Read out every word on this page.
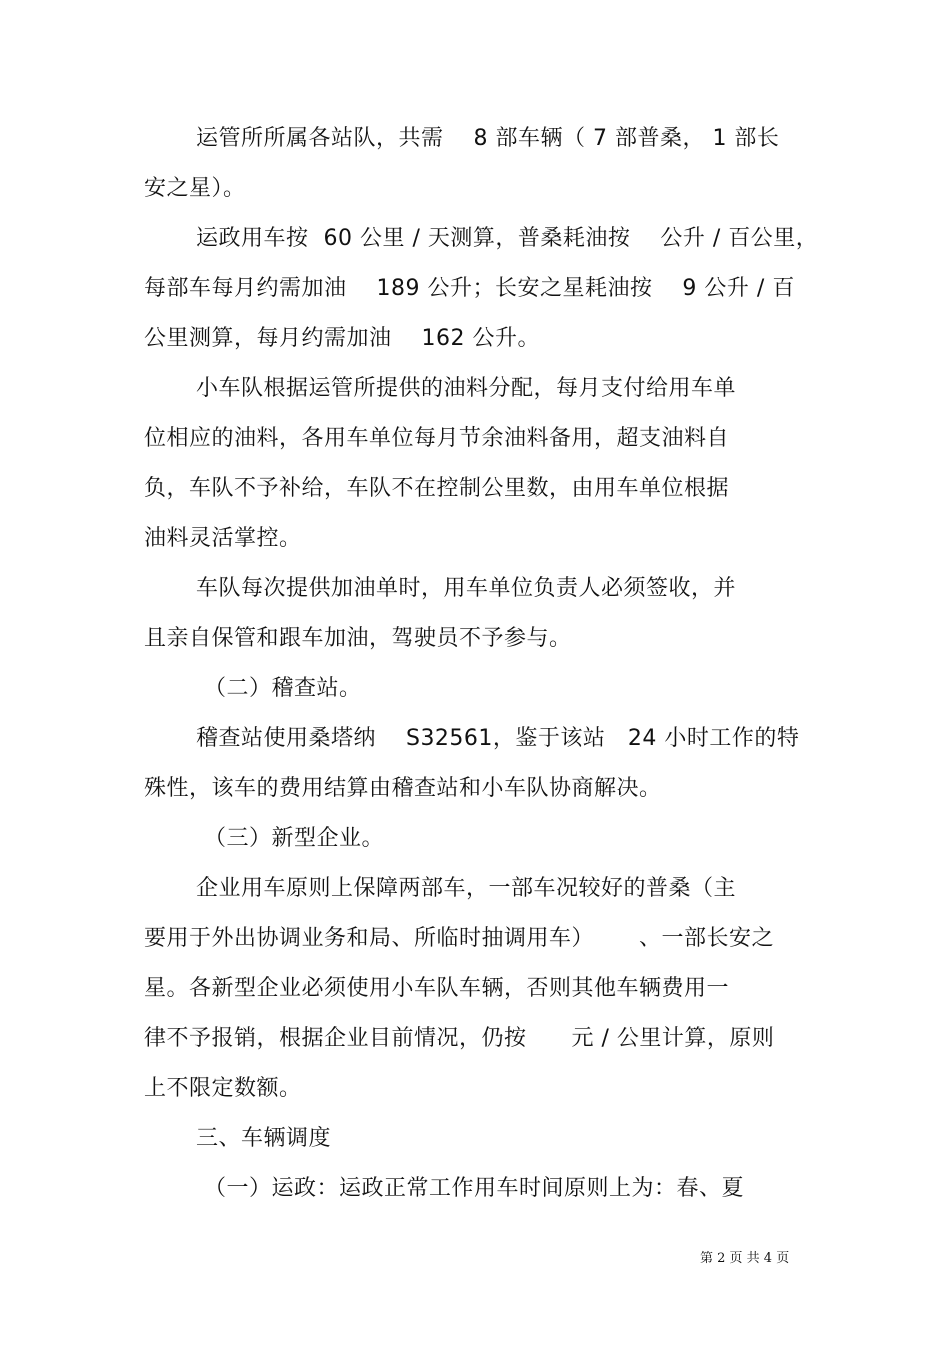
运管所所属各站队，共需    8 部车辆（ 7 部普桑， 1 部长
安之星）。
运政用车按  60 公里 / 天测算，普桑耗油按    公升 / 百公里，
每部车每月约需加油    189 公升；长安之星耗油按    9 公升 / 百
公里测算，每月约需加油    162 公升。
小车队根据运管所提供的油料分配，每月支付给用车单
位相应的油料，各用车单位每月节余油料备用，超支油料自
负，车队不予补给，车队不在控制公里数，由用车单位根据
油料灵活掌控。
车队每次提供加油单时，用车单位负责人必须签收，并
且亲自保管和跟车加油，驾驶员不予参与。
（二）稽查站。
稽查站使用桑塔纳    S32561，鉴于该站   24 小时工作的特
殊性，该车的费用结算由稽查站和小车队协商解决。
（三）新型企业。
企业用车原则上保障两部车，一部车况较好的普桑（主
要用于外出协调业务和局、所临时抽调用车）      、一部长安之
星。各新型企业必须使用小车队车辆，否则其他车辆费用一
律不予报销，根据企业目前情况，仍按      元 / 公里计算，原则
上不限定数额。
三、车辆调度
（一）运政：运政正常工作用车时间原则上为：春、夏
第 2 页 共 4 页
